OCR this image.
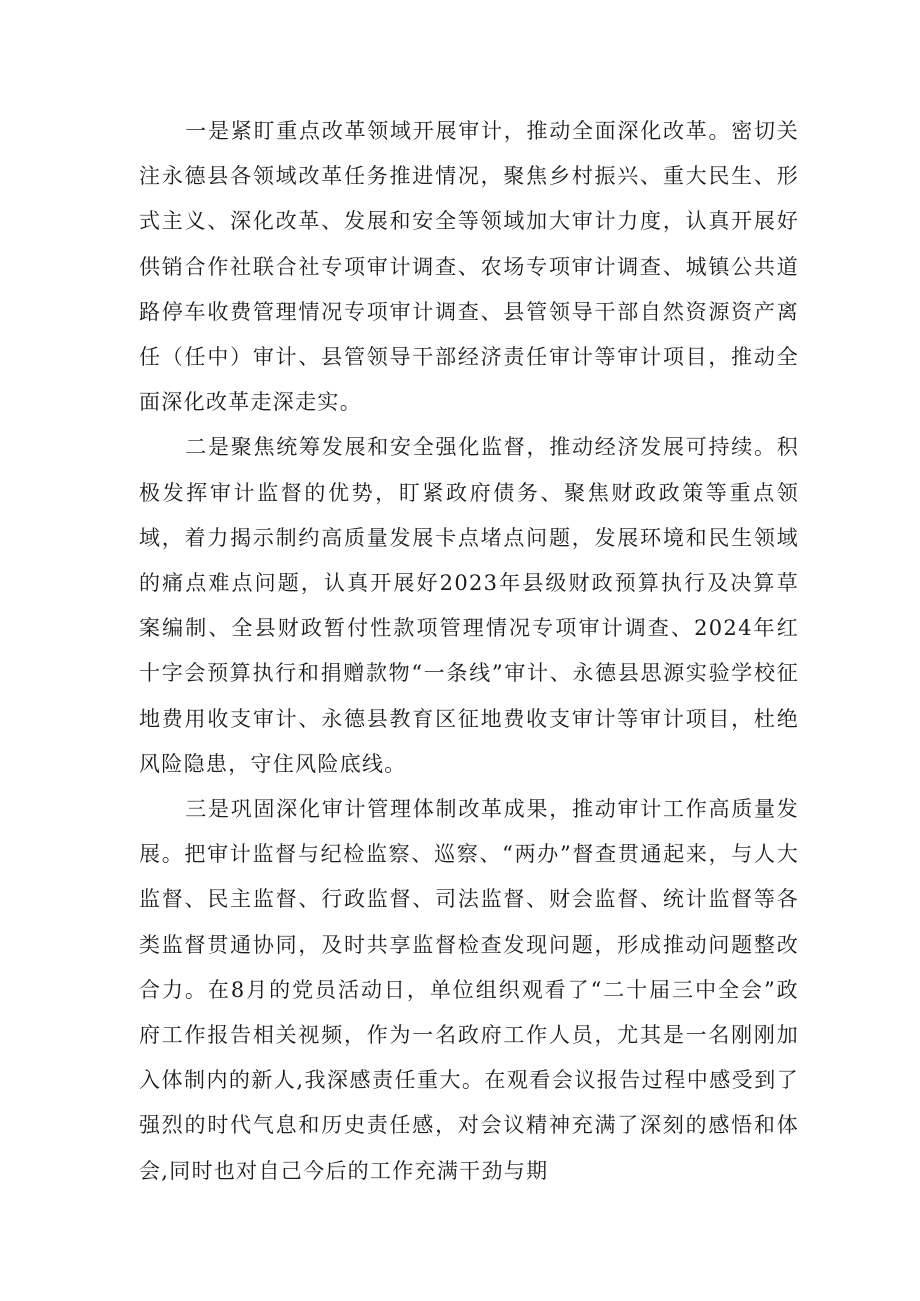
一是紧盯重点改革领域开展审计，推动全面深化改革。密切关注永德县各领域改革任务推进情况，聚焦乡村振兴、重大民生、形式主义、深化改革、发展和安全等领域加大审计力度，认真开展好供销合作社联合社专项审计调查、农场专项审计调查、城镇公共道路停车收费管理情况专项审计调查、县管领导干部自然资源资产离任（任中）审计、县管领导干部经济责任审计等审计项目，推动全面深化改革走深走实。

二是聚焦统筹发展和安全强化监督，推动经济发展可持续。积极发挥审计监督的优势，盯紧政府债务、聚焦财政政策等重点领域，着力揭示制约高质量发展卡点堵点问题，发展环境和民生领域的痛点难点问题，认真开展好2023年县级财政预算执行及决算草案编制、全县财政暂付性款项管理情况专项审计调查、2024年红十字会预算执行和捐赠款物“一条线”审计、永德县思源实验学校征地费用收支审计、永德县教育区征地费收支审计等审计项目，杜绝风险隐患，守住风险底线。

三是巩固深化审计管理体制改革成果，推动审计工作高质量发展。把审计监督与纪检监察、巡察、“两办”督查贯通起来，与人大监督、民主监督、行政监督、司法监督、财会监督、统计监督等各类监督贯通协同，及时共享监督检查发现问题，形成推动问题整改合力。在8月的党员活动日，单位组织观看了“二十届三中全会”政府工作报告相关视频，作为一名政府工作人员，尤其是一名刚刚加入体制内的新人,我深感责任重大。在观看会议报告过程中感受到了强烈的时代气息和历史责任感，对会议精神充满了深刻的感悟和体会,同时也对自己今后的工作充满干劲与期
